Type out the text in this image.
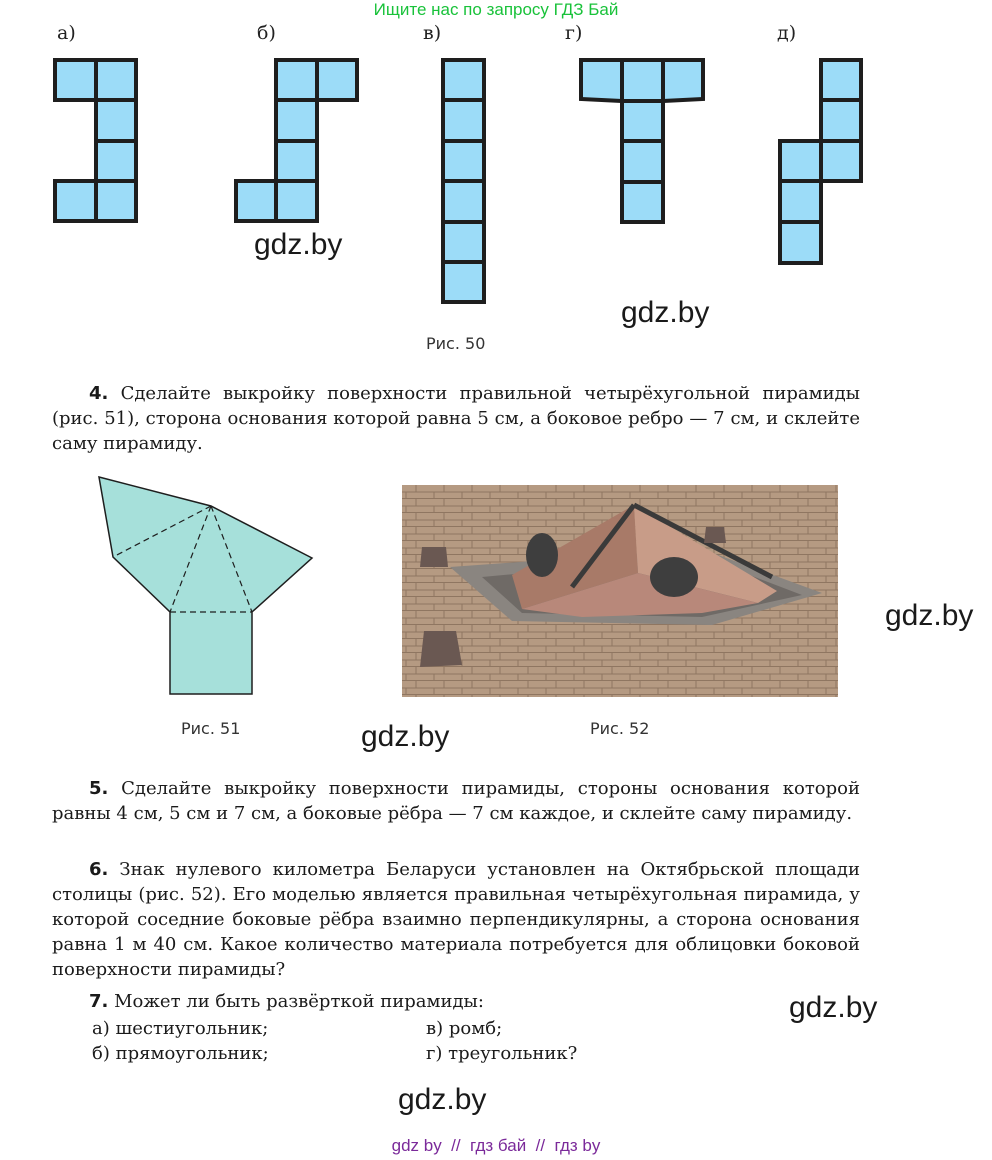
Ищите нас по запросу ГДЗ Бай
а)	б)	в)	г)	д)
gdz.by
gdz.by
Рис. 50
4. Сделайте выкройку поверхности правильной четырёхугольной пирамиды (рис. 51), сторона основания которой равна 5 см, а боковое ребро — 7 см, и склейте саму пирамиду.
Рис. 51	gdz.by	Рис. 52
gdz.by
5. Сделайте выкройку поверхности пирамиды, стороны основания которой равны 4 см, 5 см и 7 см, а боковые рёбра — 7 см каждое, и склейте саму пирамиду.
6. Знак нулевого километра Беларуси установлен на Октябрьской площади столицы (рис. 52). Его моделью является правильная четырёхугольная пирамида, у которой соседние боковые рёбра взаимно перпендикулярны, а сторона основания равна 1 м 40 см. Какое количество материала потребуется для облицовки боковой поверхности пирамиды?
7. Может ли быть развёрткой пирамиды:
а) шестиугольник;	в) ромб;
б) прямоугольник;	г) треугольник?
gdz.by
gdz.by
gdz by  //  гдз бай  //  гдз by
